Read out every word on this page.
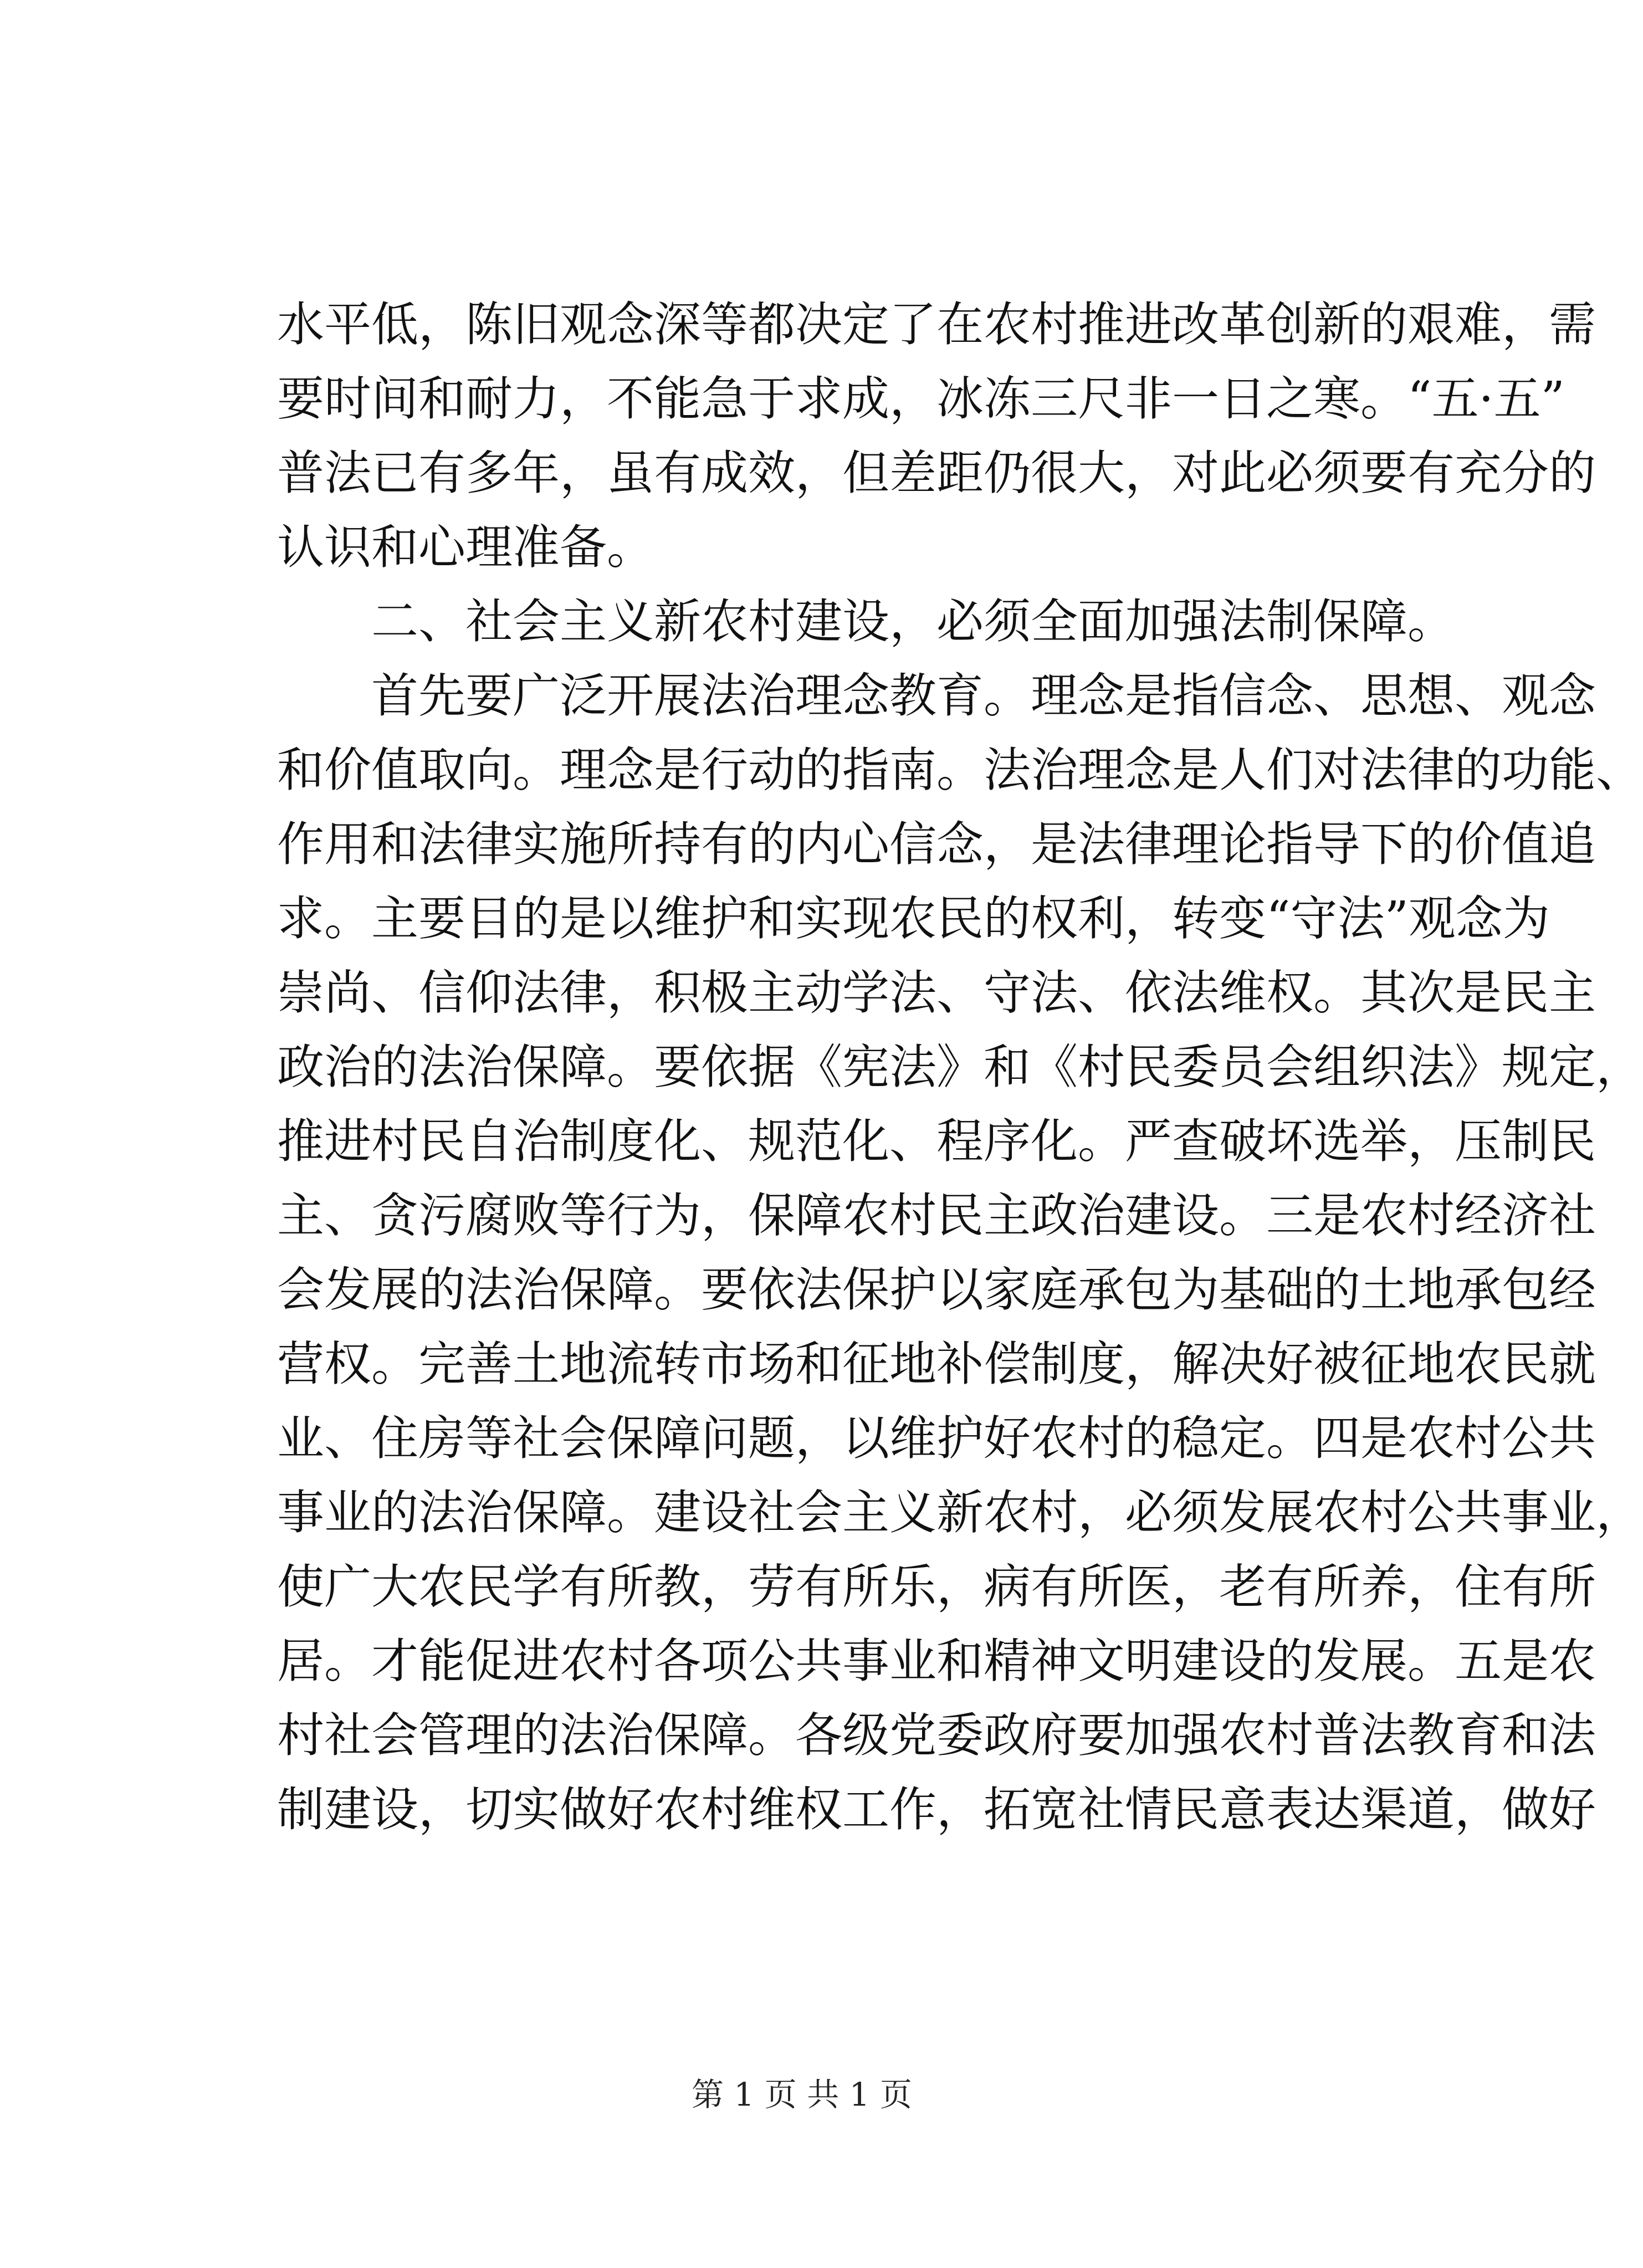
水平低，陈旧观念深等都决定了在农村推进改革创新的艰难，需
要时间和耐力，不能急于求成，冰冻三尺非一日之寒。“五·五”
普法已有多年，虽有成效，但差距仍很大，对此必须要有充分的
认识和心理准备。
二、社会主义新农村建设，必须全面加强法制保障。
首先要广泛开展法治理念教育。理念是指信念、思想、观念
和价值取向。理念是行动的指南。法治理念是人们对法律的功能、
作用和法律实施所持有的内心信念，是法律理论指导下的价值追
求。主要目的是以维护和实现农民的权利，转变“守法”观念为
崇尚、信仰法律，积极主动学法、守法、依法维权。其次是民主
政治的法治保障。要依据《宪法》和《村民委员会组织法》规定，
推进村民自治制度化、规范化、程序化。严查破坏选举，压制民
主、贪污腐败等行为，保障农村民主政治建设。三是农村经济社
会发展的法治保障。要依法保护以家庭承包为基础的土地承包经
营权。完善土地流转市场和征地补偿制度，解决好被征地农民就
业、住房等社会保障问题，以维护好农村的稳定。四是农村公共
事业的法治保障。建设社会主义新农村，必须发展农村公共事业，
使广大农民学有所教，劳有所乐，病有所医，老有所养，住有所
居。才能促进农村各项公共事业和精神文明建设的发展。五是农
村社会管理的法治保障。各级党委政府要加强农村普法教育和法
制建设，切实做好农村维权工作，拓宽社情民意表达渠道，做好
第 1 页 共 1 页
